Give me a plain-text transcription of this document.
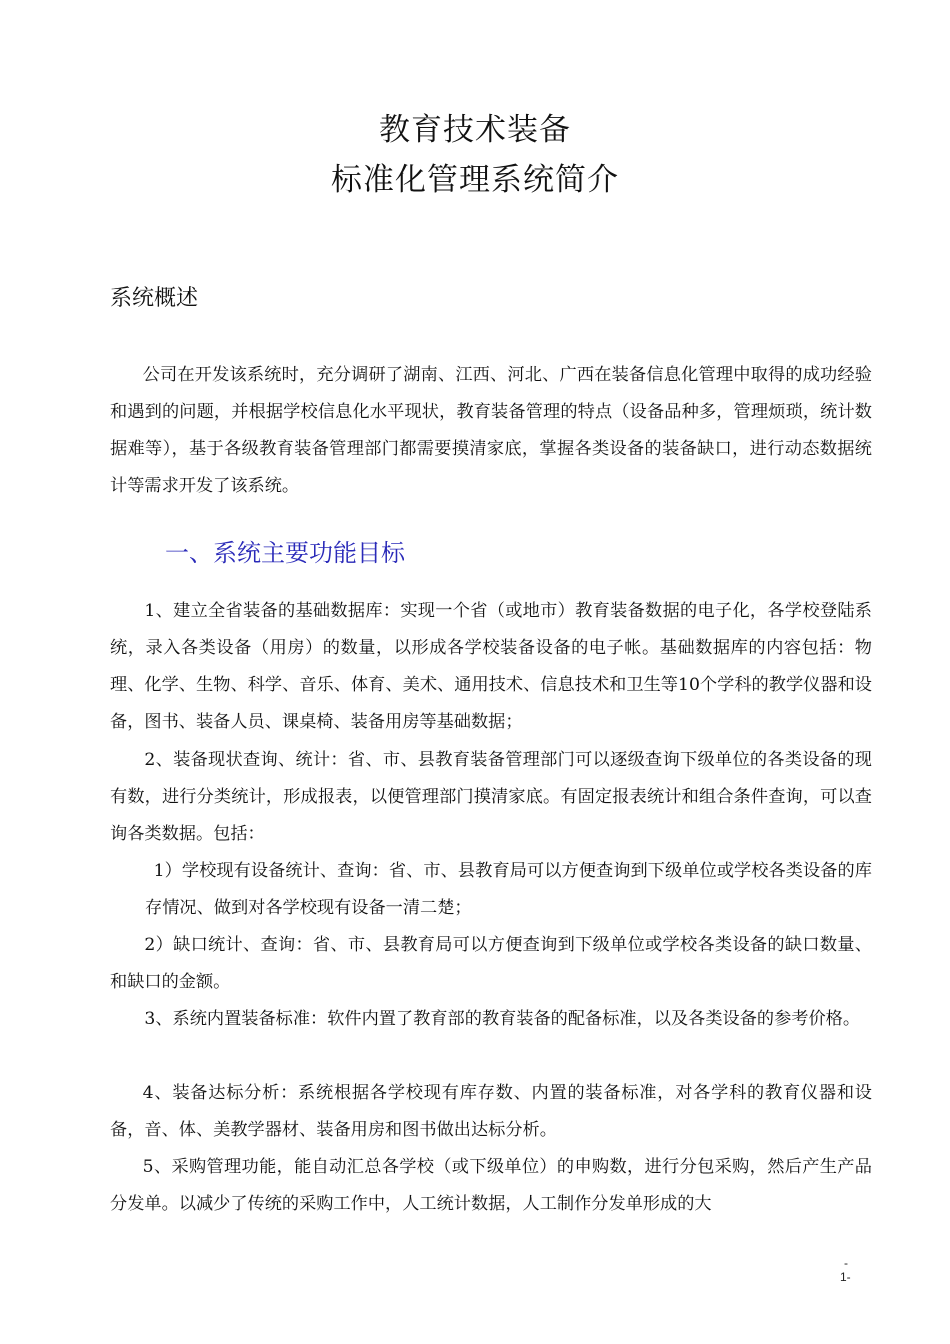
教育技术装备
标准化管理系统简介
系统概述
公司在开发该系统时，充分调研了湖南、江西、河北、广西在装备信息化管理中取得的成功经验和遇到的问题，并根据学校信息化水平现状，教育装备管理的特点（设备品种多，管理烦琐，统计数据难等），基于各级教育装备管理部门都需要摸清家底，掌握各类设备的装备缺口，进行动态数据统计等需求开发了该系统。
一、系统主要功能目标
1、建立全省装备的基础数据库：实现一个省（或地市）教育装备数据的电子化，各学校登陆系统，录入各类设备（用房）的数量，以形成各学校装备设备的电子帐。基础数据库的内容包括：物理、化学、生物、科学、音乐、体育、美术、通用技术、信息技术和卫生等10个学科的教学仪器和设备，图书、装备人员、课桌椅、装备用房等基础数据；
2、装备现状查询、统计：省、市、县教育装备管理部门可以逐级查询下级单位的各类设备的现有数，进行分类统计，形成报表，以便管理部门摸清家底。有固定报表统计和组合条件查询，可以查询各类数据。包括：
1）学校现有设备统计、查询：省、市、县教育局可以方便查询到下级单位或学校各类设备的库存情况、做到对各学校现有设备一清二楚；
2）缺口统计、查询：省、市、县教育局可以方便查询到下级单位或学校各类设备的缺口数量、和缺口的金额。
3、系统内置装备标准：软件内置了教育部的教育装备的配备标准，以及各类设备的参考价格。
4、装备达标分析：系统根据各学校现有库存数、内置的装备标准，对各学科的教育仪器和设备，音、体、美教学器材、装备用房和图书做出达标分析。
5、采购管理功能，能自动汇总各学校（或下级单位）的申购数，进行分包采购，然后产生产品分发单。以减少了传统的采购工作中，人工统计数据，人工制作分发单形成的大
-
1-
